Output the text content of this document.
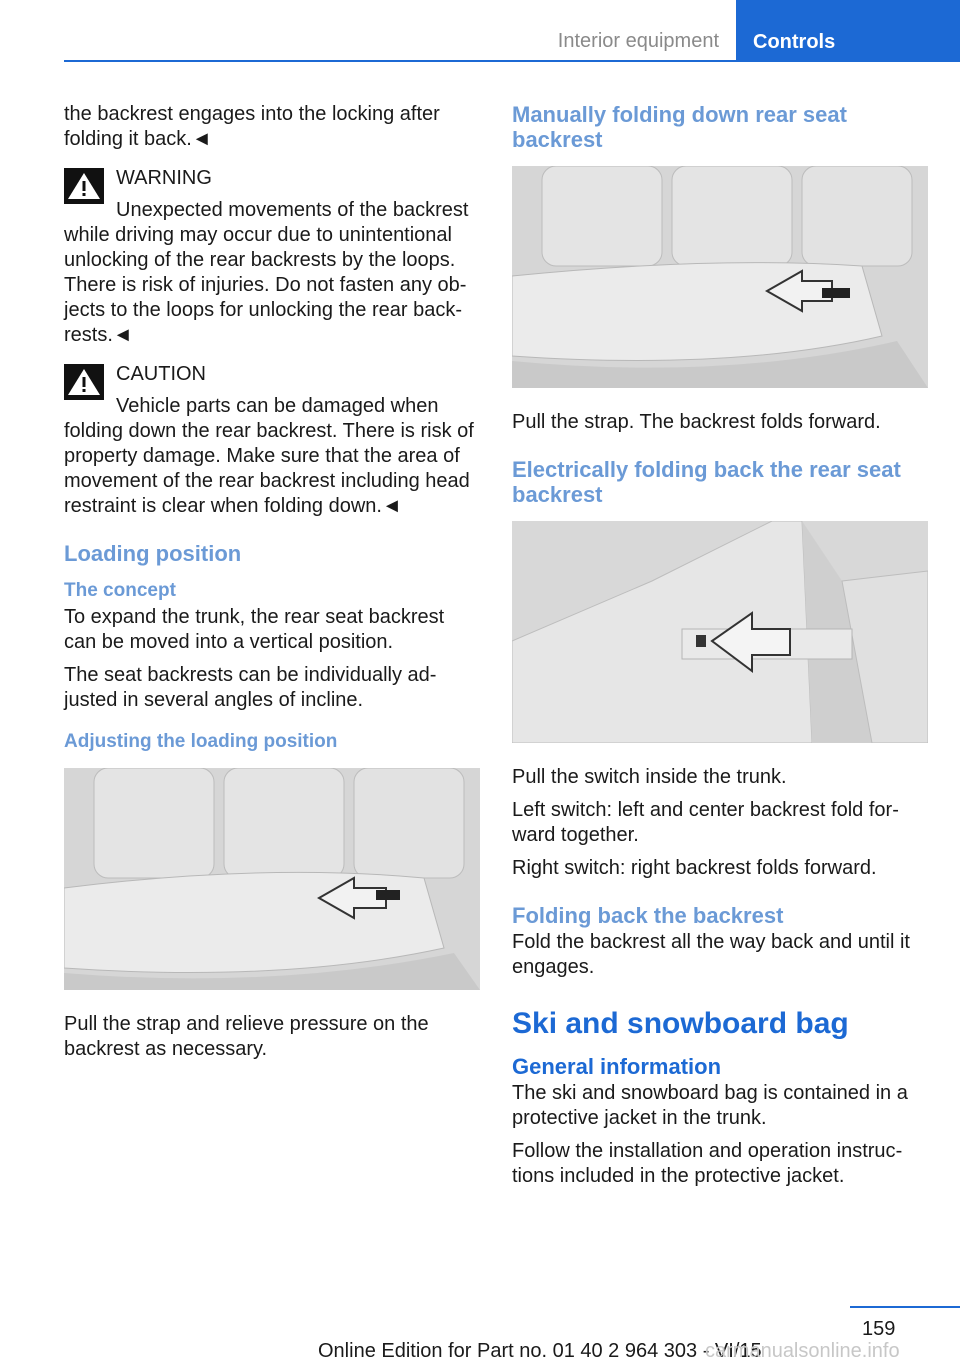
Interior equipment Controls

the backrest engages into the locking after folding it back.◄

WARNING

Unexpected movements of the backrest while driving may occur due to unintentional unlocking of the rear backrests by the loops. There is risk of injuries. Do not fasten any objects to the loops for unlocking the rear backrests.◄

CAUTION

Vehicle parts can be damaged when folding down the rear backrest. There is risk of property damage. Make sure that the area of movement of the rear backrest including head restraint is clear when folding down.◄

Loading position
The concept

To expand the trunk, the rear seat backrest can be moved into a vertical position.

The seat backrests can be individually adjusted in several angles of incline.

Adjusting the loading position

Pull the strap and relieve pressure on the backrest as necessary.

Manually folding down rear seat backrest

Pull the strap. The backrest folds forward.

Electrically folding back the rear seat backrest

Pull the switch inside the trunk.

Left switch: left and center backrest fold forward together.

Right switch: right backrest folds forward.

Folding back the backrest

Fold the backrest all the way back and until it engages.

Ski and snowboard bag
General information

The ski and snowboard bag is contained in a protective jacket in the trunk.

Follow the installation and operation instructions included in the protective jacket.

159
Online Edition for Part no. 01 40 2 964 303 - VI/15
carmanualsonline.info
